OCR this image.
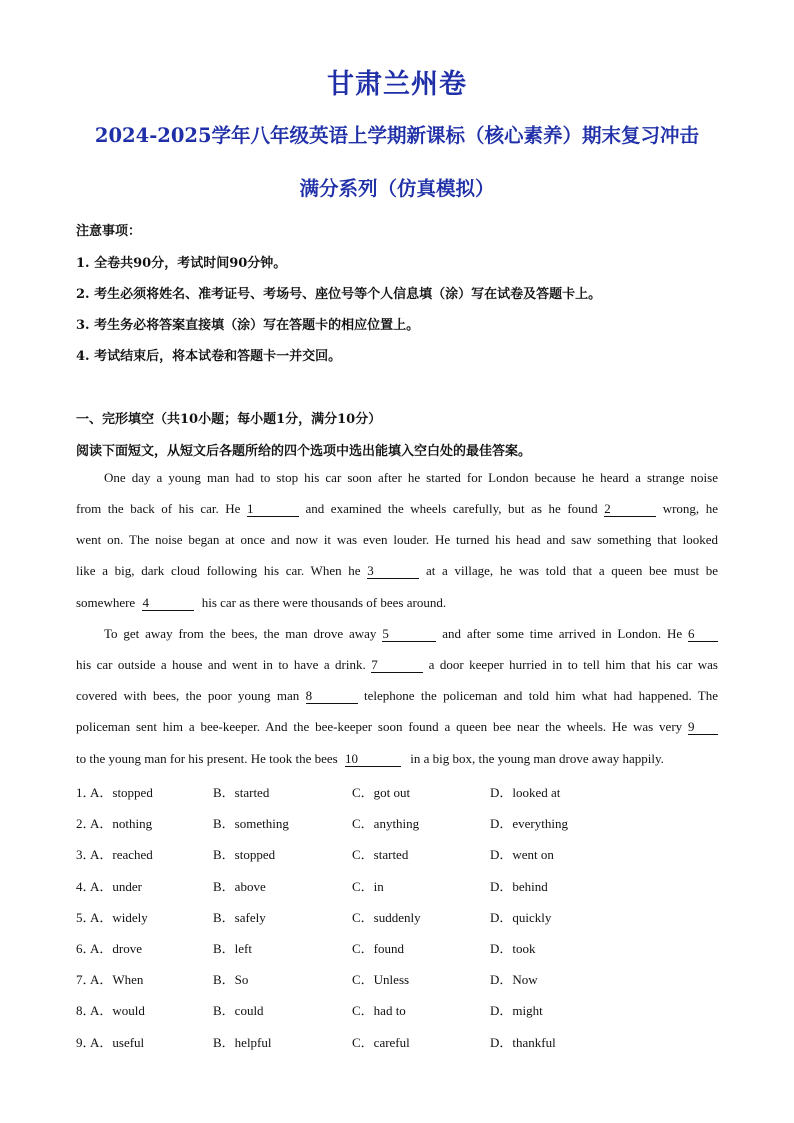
甘肃兰州卷
2024-2025学年八年级英语上学期新课标（核心素养）期末复习冲击
满分系列（仿真模拟）
注意事项：
1. 全卷共90分，考试时间90分钟。
2. 考生必须将姓名、准考证号、考场号、座位号等个人信息填（涂）写在试卷及答题卡上。
3. 考生务必将答案直接填（涂）写在答题卡的相应位置上。
4. 考试结束后，将本试卷和答题卡一并交回。
一、完形填空（共10小题；每小题1分，满分10分）
阅读下面短文，从短文后各题所给的四个选项中选出能填入空白处的最佳答案。
One day a young man had to stop his car soon after he started for London because he heard a strange noise
from the back of his car. He 1	and examined the wheels carefully, but as he found 2	wrong, he
went on. The noise began at once and now it was even louder. He turned his head and saw something that looked
like a big, dark cloud following his car. When he 3	at a village, he was told that a queen bee must be
somewhere 4	his car as there were thousands of bees around.
To get away from the bees, the man drove away 5	and after some time arrived in London. He 6
his car outside a house and went in to have a drink. 7	a door keeper hurried in to tell him that his car was
covered with bees, the poor young man 8	telephone the policeman and told him what had happened. The
policeman sent him a bee-keeper. And the bee-keeper soon found a queen bee near the wheels. He was very 9
to the young man for his present. He took the bees 10	in a big box, the young man drove away happily.
1．
A．stopped	B．started	C．got out	D．looked at
2．
A．nothing	B．something	C．anything	D．everything
3．
A．reached	B．stopped	C．started	D．went on
4．
A．under	B．above	C．in	D．behind
5．
A．widely	B．safely	C．suddenly	D．quickly
6．
A．drove	B．left	C．found	D．took
7．
A．When	B．So	C．Unless	D．Now
8．
A．would	B．could	C．had to	D．might
9．
A．useful	B．helpful	C．careful	D．thankful
